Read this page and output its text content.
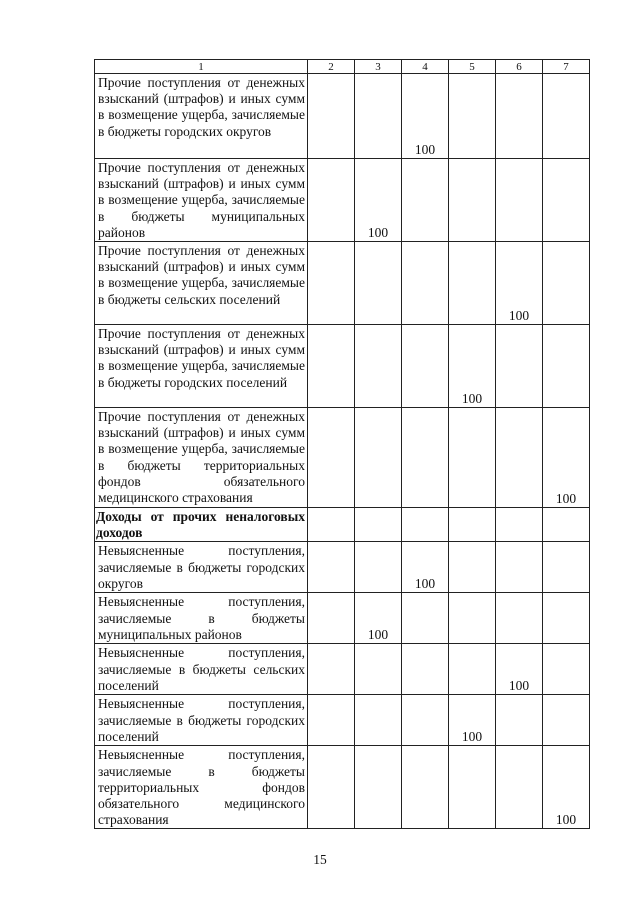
1	2	3	4	5	6	7
Прочие поступления от денежных взысканий (штрафов) и иных сумм в возмещение ущерба, зачисляемые в бюджеты городских округов			100			
Прочие поступления от денежных взысканий (штрафов) и иных сумм в возмещение ущерба, зачисляемые в бюджеты муниципальных районов		100				
Прочие поступления от денежных взысканий (штрафов) и иных сумм в возмещение ущерба, зачисляемые в бюджеты сельских поселений					100	
Прочие поступления от денежных взысканий (штрафов) и иных сумм в возмещение ущерба, зачисляемые в бюджеты городских поселений				100		
Прочие поступления от денежных взысканий (штрафов) и иных сумм в возмещение ущерба, зачисляемые в бюджеты территориальных фондов обязательного медицинского страхования						100
Доходы от прочих неналоговых доходов						
Невыясненные поступления, зачисляемые в бюджеты городских округов			100			
Невыясненные поступления, зачисляемые в бюджеты муниципальных районов		100				
Невыясненные поступления, зачисляемые в бюджеты сельских поселений					100	
Невыясненные поступления, зачисляемые в бюджеты городских поселений				100		
Невыясненные поступления, зачисляемые в бюджеты территориальных фондов обязательного медицинского страхования						100
15
